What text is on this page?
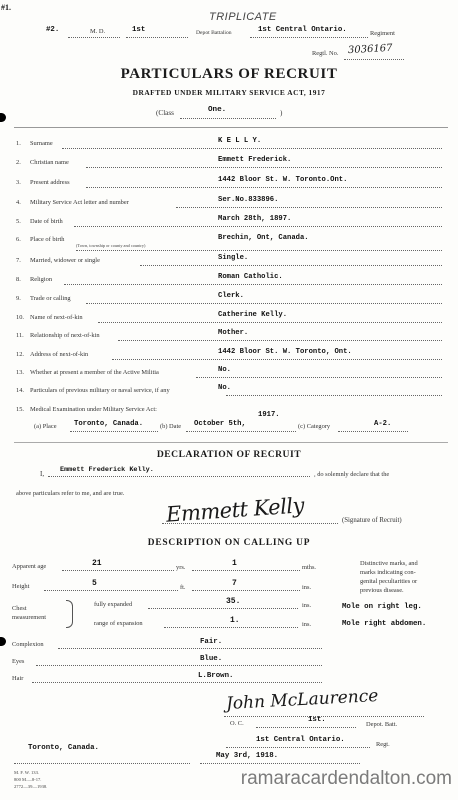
#1.
#2.	M. D.	1st	Depot Battalion
TRIPLICATE
1st Central Ontario.	Regiment
Regtl. No. 3036167
PARTICULARS OF RECRUIT
DRAFTED UNDER MILITARY SERVICE ACT, 1917
(Class	One.	)
1. Surname	K E L L Y.
2. Christian name	Emmett Frederick.
3. Present address	1442 Bloor St. W. Toronto.Ont.
4. Military Service Act letter and number	Ser.No.833896.
5. Date of birth	March 28th, 1897.
6. Place of birth
(Town, township or county and country)
Brechin, Ont, Canada.
7. Married, widower or single	Single.
8. Religion	Roman Catholic.
9. Trade or calling	Clerk.
10. Name of next-of-kin	Catherine Kelly.
11. Relationship of next-of-kin	Mother.
12. Address of next-of-kin	1442 Bloor St. W. Toronto, Ont.
13. Whether at present a member of the Active Militia	No.
14. Particulars of previous military or naval service, if any	No.
15. Medical Examination under Military Service Act:
(a) Place Toronto, Canada.	(b) Date October 5th,
1917.
(c) Category	A-2.
DECLARATION OF RECRUIT
I, Emmett Frederick Kelly.
, do solemnly declare that the
above particulars refer to me, and are true. Emmett Kelly	(Signature of Recruit)
DESCRIPTION ON CALLING UP
Apparent age	21	yrs.	1	mths.
Height	5	ft.	7	ins.
Chest
measurement
fully expanded	35.
range of expansion	1.
ins.
ins.
Complexion	Fair.
Eyes	Blue.
Hair	L.Brown.
Distinctive marks, and
marks indicating con-
genital peculiarities or
previous disease.
Mole on right leg.
Mole right abdomen.
John McLaurence
O. C.	1st.
Depot. Batt.
1st Central Ontario.
Regt.
Toronto, Canada.
May 3rd, 1918.
M. F. W. 133.
800 M.—8-17.
2772—39—1938.	ramaracardendalton.com
